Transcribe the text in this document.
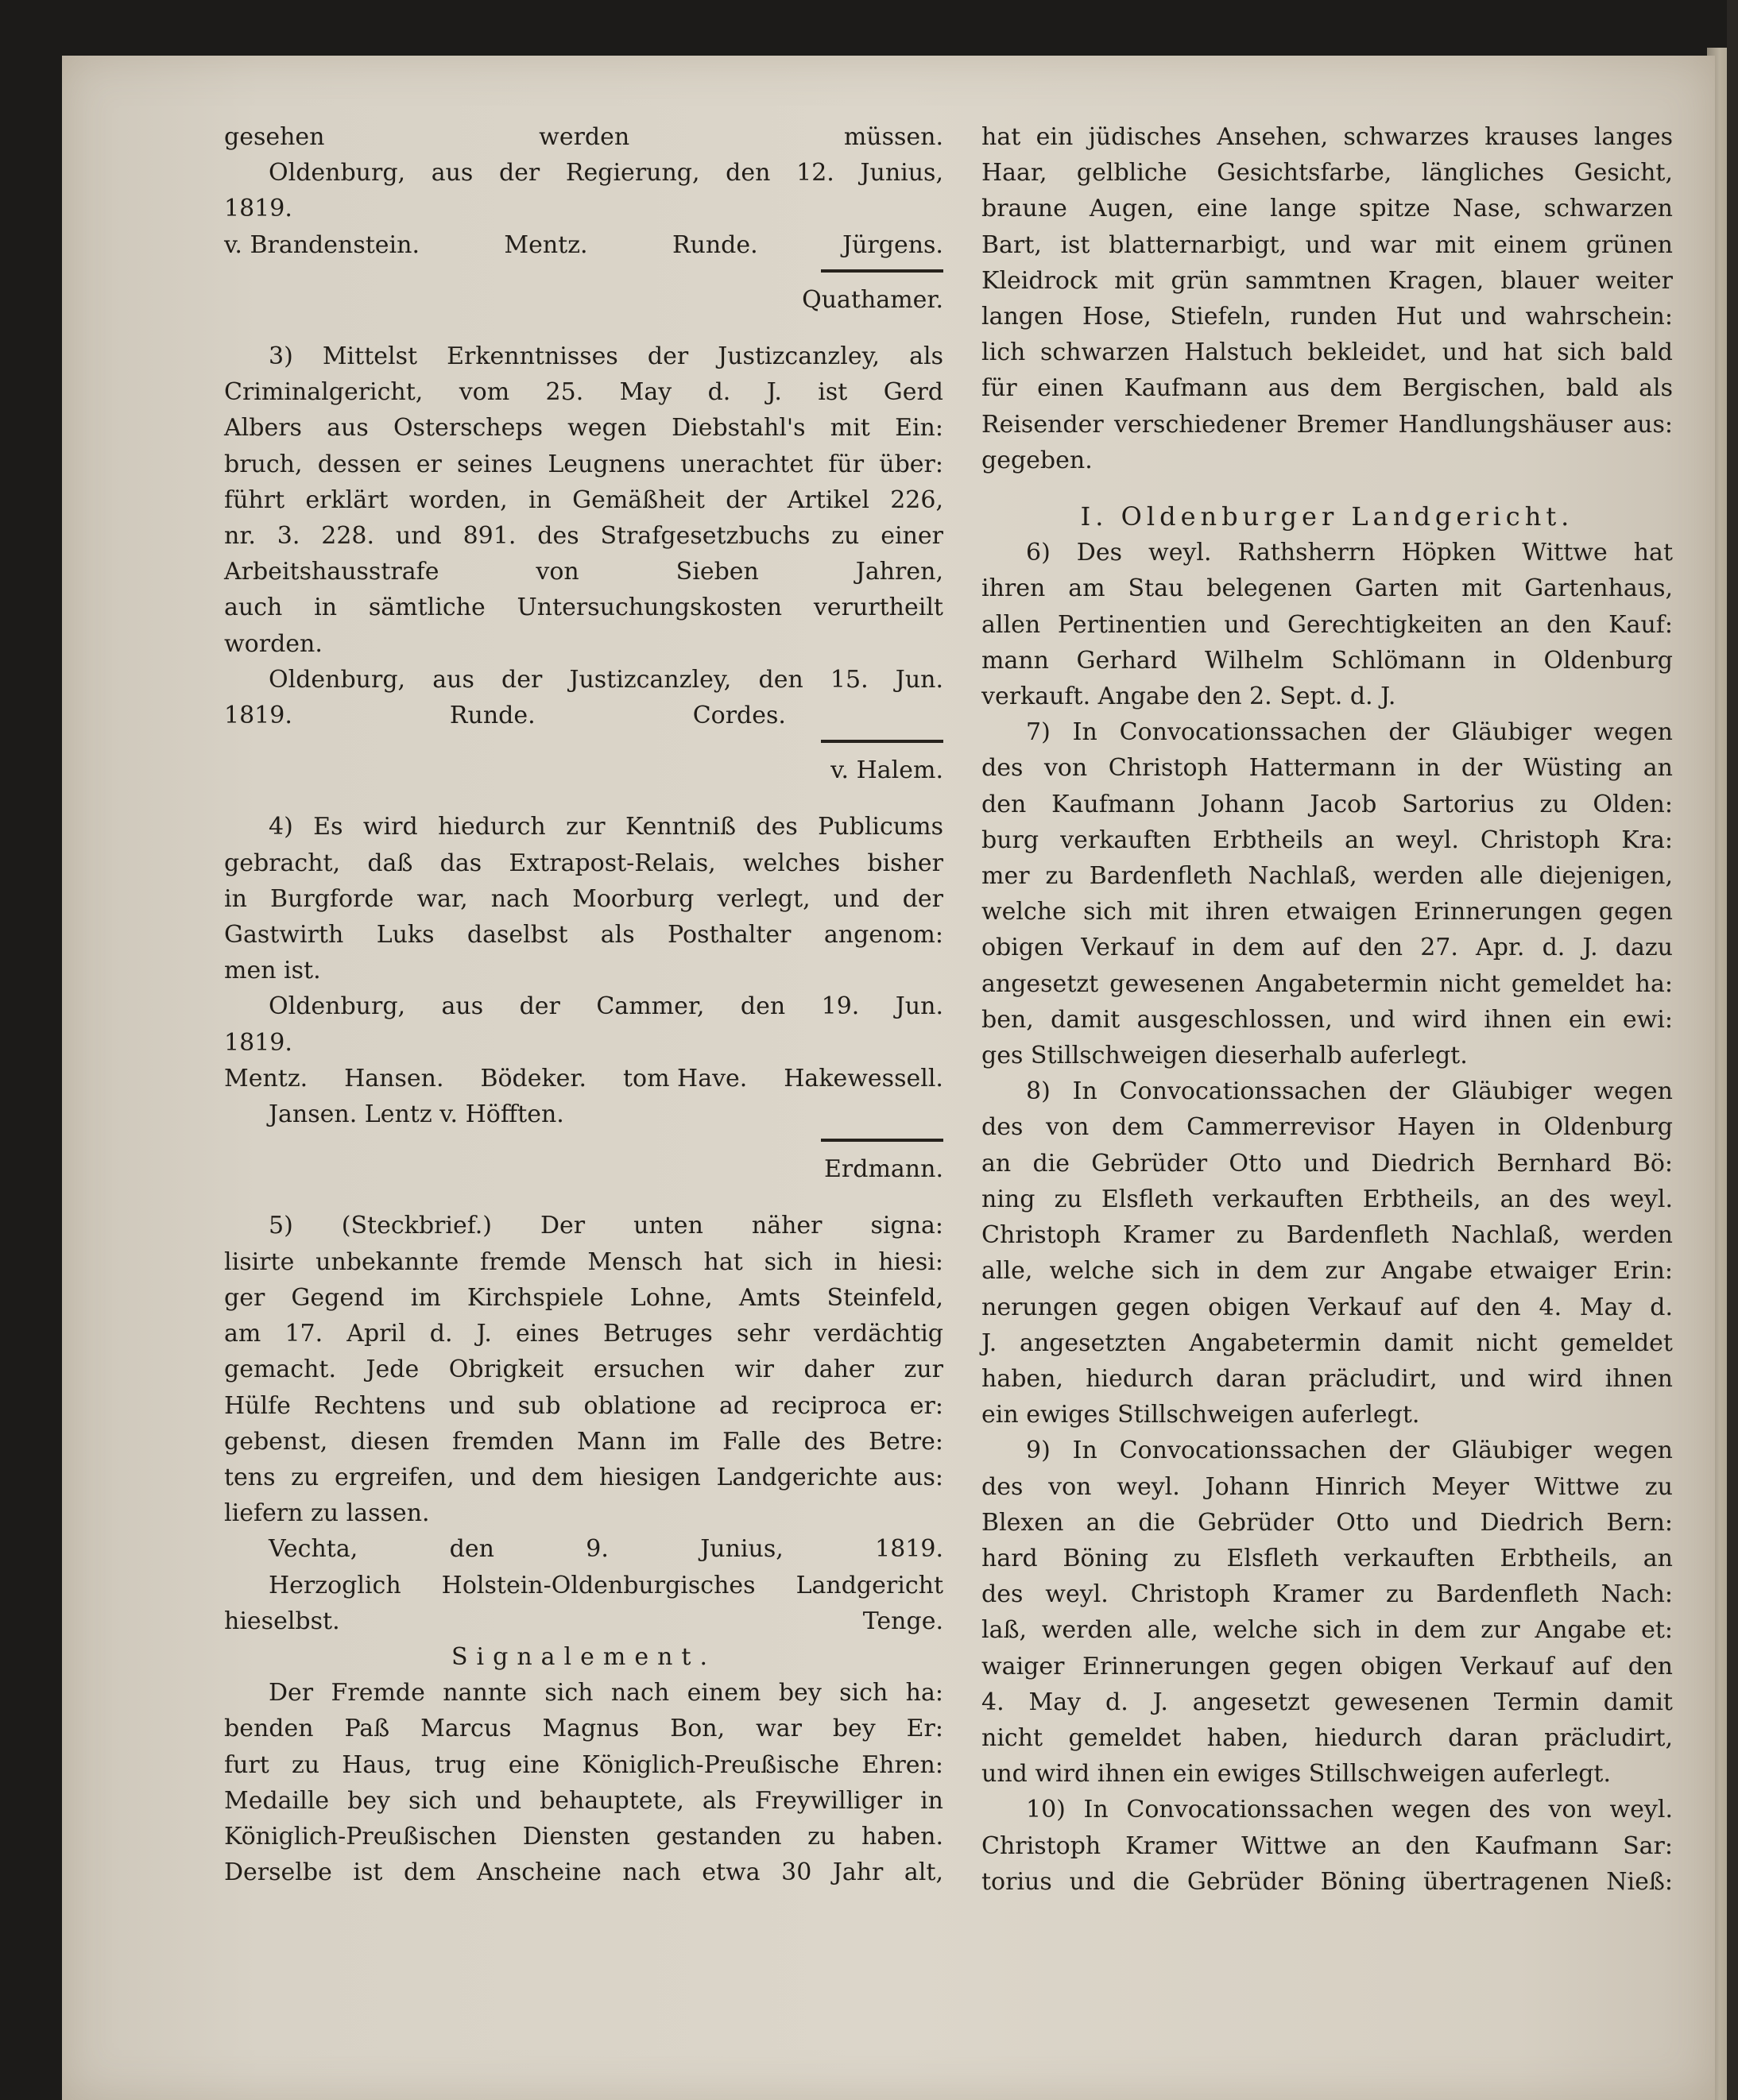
gesehen werden müssen.

Oldenburg, aus der Regierung, den 12. Junius,

1819.

v. Brandenstein.	Mentz.	Runde.	Jürgens.

Quathamer.

3) Mittelst Erkenntnisses der Justizcanzley, als

Criminalgericht, vom 25. May d. J. ist Gerd

Albers aus Osterscheps wegen Diebstahl's mit Ein:

bruch, dessen er seines Leugnens unerachtet für über:

führt erklärt worden, in Gemäßheit der Artikel 226,

nr. 3. 228. und 891. des Strafgesetzbuchs zu einer

Arbeitshausstrafe von Sieben Jahren,

auch in sämtliche Untersuchungskosten verurtheilt

worden.

Oldenburg, aus der Justizcanzley, den 15. Jun.

1819.	Runde.	Cordes.

v. Halem.

4) Es wird hiedurch zur Kenntniß des Publicums

gebracht, daß das Extrapost-Relais, welches bisher

in Burgforde war, nach Moorburg verlegt, und der

Gastwirth Luks daselbst als Posthalter angenom:

men ist.

Oldenburg, aus der Cammer, den 19. Jun.

1819.

Mentz. Hansen. Bödeker. tom Have. Hakewessell.

Jansen. Lentz v. Höfften.

Erdmann.

5) (Steckbrief.) Der unten näher signa:

lisirte unbekannte fremde Mensch hat sich in hiesi:

ger Gegend im Kirchspiele Lohne, Amts Steinfeld,

am 17. April d. J. eines Betruges sehr verdächtig

gemacht. Jede Obrigkeit ersuchen wir daher zur

Hülfe Rechtens und sub oblatione ad reciproca er:

gebenst, diesen fremden Mann im Falle des Betre:

tens zu ergreifen, und dem hiesigen Landgerichte aus:

liefern zu lassen.

Vechta, den 9. Junius, 1819.

Herzoglich Holstein-Oldenburgisches Landgericht

hieselbst.	Tenge.

Signalement.

Der Fremde nannte sich nach einem bey sich ha:

benden Paß Marcus Magnus Bon, war bey Er:

furt zu Haus, trug eine Königlich-Preußische Ehren:

Medaille bey sich und behauptete, als Freywilliger in

Königlich-Preußischen Diensten gestanden zu haben.

Derselbe ist dem Anscheine nach etwa 30 Jahr alt,

hat ein jüdisches Ansehen, schwarzes krauses langes

Haar, gelbliche Gesichtsfarbe, längliches Gesicht,

braune Augen, eine lange spitze Nase, schwarzen

Bart, ist blatternarbigt, und war mit einem grünen

Kleidrock mit grün sammtnen Kragen, blauer weiter

langen Hose, Stiefeln, runden Hut und wahrschein:

lich schwarzen Halstuch bekleidet, und hat sich bald

für einen Kaufmann aus dem Bergischen, bald als

Reisender verschiedener Bremer Handlungshäuser aus:

gegeben.

I. Oldenburger Landgericht.

6) Des weyl. Rathsherrn Höpken Wittwe hat

ihren am Stau belegenen Garten mit Gartenhaus,

allen Pertinentien und Gerechtigkeiten an den Kauf:

mann Gerhard Wilhelm Schlömann in Oldenburg

verkauft. Angabe den 2. Sept. d. J.

7) In Convocationssachen der Gläubiger wegen

des von Christoph Hattermann in der Wüsting an

den Kaufmann Johann Jacob Sartorius zu Olden:

burg verkauften Erbtheils an weyl. Christoph Kra:

mer zu Bardenfleth Nachlaß, werden alle diejenigen,

welche sich mit ihren etwaigen Erinnerungen gegen

obigen Verkauf in dem auf den 27. Apr. d. J. dazu

angesetzt gewesenen Angabetermin nicht gemeldet ha:

ben, damit ausgeschlossen, und wird ihnen ein ewi:

ges Stillschweigen dieserhalb auferlegt.

8) In Convocationssachen der Gläubiger wegen

des von dem Cammerrevisor Hayen in Oldenburg

an die Gebrüder Otto und Diedrich Bernhard Bö:

ning zu Elsfleth verkauften Erbtheils, an des weyl.

Christoph Kramer zu Bardenfleth Nachlaß, werden

alle, welche sich in dem zur Angabe etwaiger Erin:

nerungen gegen obigen Verkauf auf den 4. May d.

J. angesetzten Angabetermin damit nicht gemeldet

haben, hiedurch daran präcludirt, und wird ihnen

ein ewiges Stillschweigen auferlegt.

9) In Convocationssachen der Gläubiger wegen

des von weyl. Johann Hinrich Meyer Wittwe zu

Blexen an die Gebrüder Otto und Diedrich Bern:

hard Böning zu Elsfleth verkauften Erbtheils, an

des weyl. Christoph Kramer zu Bardenfleth Nach:

laß, werden alle, welche sich in dem zur Angabe et:

waiger Erinnerungen gegen obigen Verkauf auf den

4. May d. J. angesetzt gewesenen Termin damit

nicht gemeldet haben, hiedurch daran präcludirt,

und wird ihnen ein ewiges Stillschweigen auferlegt.

10) In Convocationssachen wegen des von weyl.

Christoph Kramer Wittwe an den Kaufmann Sar:

torius und die Gebrüder Böning übertragenen Nieß:
